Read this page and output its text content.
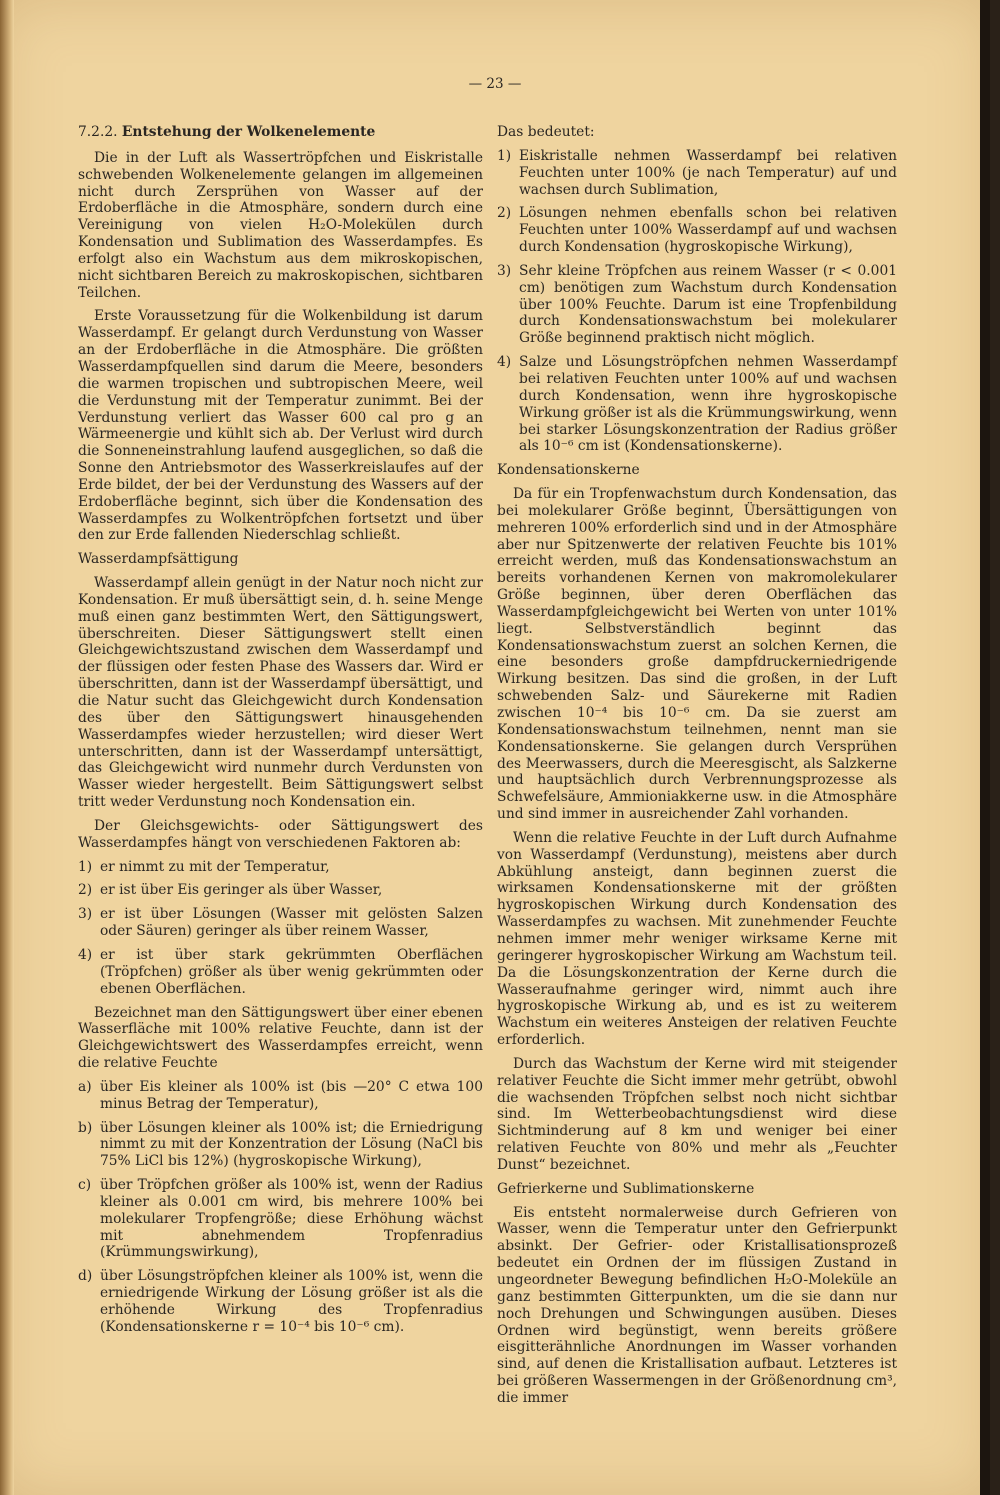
— 23 —
7.2.2. Entstehung der Wolkenelemente

Die in der Luft als Wassertröpfchen und Eiskristalle schwebenden Wolkenelemente gelangen im allgemeinen nicht durch Zersprühen von Wasser auf der Erdoberfläche in die Atmosphäre, sondern durch eine Vereinigung von vielen H₂O-Molekülen durch Kondensation und Sublimation des Wasserdampfes. Es erfolgt also ein Wachstum aus dem mikroskopischen, nicht sichtbaren Bereich zu makroskopischen, sichtbaren Teilchen.

Erste Voraussetzung für die Wolkenbildung ist darum Wasserdampf. Er gelangt durch Verdunstung von Wasser an der Erdoberfläche in die Atmosphäre. Die größten Wasserdampfquellen sind darum die Meere, besonders die warmen tropischen und subtropischen Meere, weil die Verdunstung mit der Temperatur zunimmt. Bei der Verdunstung verliert das Wasser 600 cal pro g an Wärmeenergie und kühlt sich ab. Der Verlust wird durch die Sonneneinstrahlung laufend ausgeglichen, so daß die Sonne den Antriebsmotor des Wasserkreislaufes auf der Erde bildet, der bei der Verdunstung des Wassers auf der Erdoberfläche beginnt, sich über die Kondensation des Wasserdampfes zu Wolkentröpfchen fortsetzt und über den zur Erde fallenden Niederschlag schließt.

Wasserdampfsättigung

Wasserdampf allein genügt in der Natur noch nicht zur Kondensation. Er muß übersättigt sein, d. h. seine Menge muß einen ganz bestimmten Wert, den Sättigungswert, überschreiten. Dieser Sättigungswert stellt einen Gleichgewichtszustand zwischen dem Wasserdampf und der flüssigen oder festen Phase des Wassers dar. Wird er überschritten, dann ist der Wasserdampf übersättigt, und die Natur sucht das Gleichgewicht durch Kondensation des über den Sättigungswert hinausgehenden Wasserdampfes wieder herzustellen; wird dieser Wert unterschritten, dann ist der Wasserdampf untersättigt, das Gleichgewicht wird nunmehr durch Verdunsten von Wasser wieder hergestellt. Beim Sättigungswert selbst tritt weder Verdunstung noch Kondensation ein.

Der Gleichsgewichts- oder Sättigungswert des Wasserdampfes hängt von verschiedenen Faktoren ab:

1) er nimmt zu mit der Temperatur,
2) er ist über Eis geringer als über Wasser,
3) er ist über Lösungen (Wasser mit gelösten Salzen oder Säuren) geringer als über reinem Wasser,
4) er ist über stark gekrümmten Oberflächen (Tröpfchen) größer als über wenig gekrümmten oder ebenen Oberflächen.

Bezeichnet man den Sättigungswert über einer ebenen Wasserfläche mit 100% relative Feuchte, dann ist der Gleichgewichtswert des Wasserdampfes erreicht, wenn die relative Feuchte

a) über Eis kleiner als 100% ist (bis —20° C etwa 100 minus Betrag der Temperatur),
b) über Lösungen kleiner als 100% ist; die Erniedrigung nimmt zu mit der Konzentration der Lösung (NaCl bis 75% LiCl bis 12%) (hygroskopische Wirkung),
c) über Tröpfchen größer als 100% ist, wenn der Radius kleiner als 0.001 cm wird, bis mehrere 100% bei molekularer Tropfengröße; diese Erhöhung wächst mit abnehmendem Tropfenradius (Krümmungswirkung),
d) über Lösungströpfchen kleiner als 100% ist, wenn die erniedrigende Wirkung der Lösung größer ist als die erhöhende Wirkung des Tropfenradius (Kondensationskerne r = 10⁻⁴ bis 10⁻⁶ cm).

Das bedeutet:

1) Eiskristalle nehmen Wasserdampf bei relativen Feuchten unter 100% (je nach Temperatur) auf und wachsen durch Sublimation,
2) Lösungen nehmen ebenfalls schon bei relativen Feuchten unter 100% Wasserdampf auf und wachsen durch Kondensation (hygroskopische Wirkung),
3) Sehr kleine Tröpfchen aus reinem Wasser (r < 0.001 cm) benötigen zum Wachstum durch Kondensation über 100% Feuchte. Darum ist eine Tropfenbildung durch Kondensationswachstum bei molekularer Größe beginnend praktisch nicht möglich.
4) Salze und Lösungströpfchen nehmen Wasserdampf bei relativen Feuchten unter 100% auf und wachsen durch Kondensation, wenn ihre hygroskopische Wirkung größer ist als die Krümmungswirkung, wenn bei starker Lösungskonzentration der Radius größer als 10⁻⁶ cm ist (Kondensationskerne).
Kondensationskerne

Da für ein Tropfenwachstum durch Kondensation, das bei molekularer Größe beginnt, Übersättigungen von mehreren 100% erforderlich sind und in der Atmosphäre aber nur Spitzenwerte der relativen Feuchte bis 101% erreicht werden, muß das Kondensationswachstum an bereits vorhandenen Kernen von makromolekularer Größe beginnen, über deren Oberflächen das Wasserdampfgleichgewicht bei Werten von unter 101% liegt. Selbstverständlich beginnt das Kondensationswachstum zuerst an solchen Kernen, die eine besonders große dampfdruckerniedrigende Wirkung besitzen. Das sind die großen, in der Luft schwebenden Salz- und Säurekerne mit Radien zwischen 10⁻⁴ bis 10⁻⁶ cm. Da sie zuerst am Kondensationswachstum teilnehmen, nennt man sie Kondensationskerne. Sie gelangen durch Versprühen des Meerwassers, durch die Meeresgischt, als Salzkerne und hauptsächlich durch Verbrennungsprozesse als Schwefelsäure, Ammioniakkerne usw. in die Atmosphäre und sind immer in ausreichender Zahl vorhanden.

Wenn die relative Feuchte in der Luft durch Aufnahme von Wasserdampf (Verdunstung), meistens aber durch Abkühlung ansteigt, dann beginnen zuerst die wirksamen Kondensationskerne mit der größten hygroskopischen Wirkung durch Kondensation des Wasserdampfes zu wachsen. Mit zunehmender Feuchte nehmen immer mehr weniger wirksame Kerne mit geringerer hygroskopischer Wirkung am Wachstum teil. Da die Lösungskonzentration der Kerne durch die Wasseraufnahme geringer wird, nimmt auch ihre hygroskopische Wirkung ab, und es ist zu weiterem Wachstum ein weiteres Ansteigen der relativen Feuchte erforderlich.

Durch das Wachstum der Kerne wird mit steigender relativer Feuchte die Sicht immer mehr getrübt, obwohl die wachsenden Tröpfchen selbst noch nicht sichtbar sind. Im Wetterbeobachtungsdienst wird diese Sichtminderung auf 8 km und weniger bei einer relativen Feuchte von 80% und mehr als „Feuchter Dunst“ bezeichnet.

Gefrierkerne und Sublimationskerne

Eis entsteht normalerweise durch Gefrieren von Wasser, wenn die Temperatur unter den Gefrierpunkt absinkt. Der Gefrier- oder Kristallisationsprozeß bedeutet ein Ordnen der im flüssigen Zustand in ungeordneter Bewegung befindlichen H₂O-Moleküle an ganz bestimmten Gitterpunkten, um die sie dann nur noch Drehungen und Schwingungen ausüben. Dieses Ordnen wird begünstigt, wenn bereits größere eisgitterähnliche Anordnungen im Wasser vorhanden sind, auf denen die Kristallisation aufbaut. Letzteres ist bei größeren Wassermengen in der Größenordnung cm³, die immer
